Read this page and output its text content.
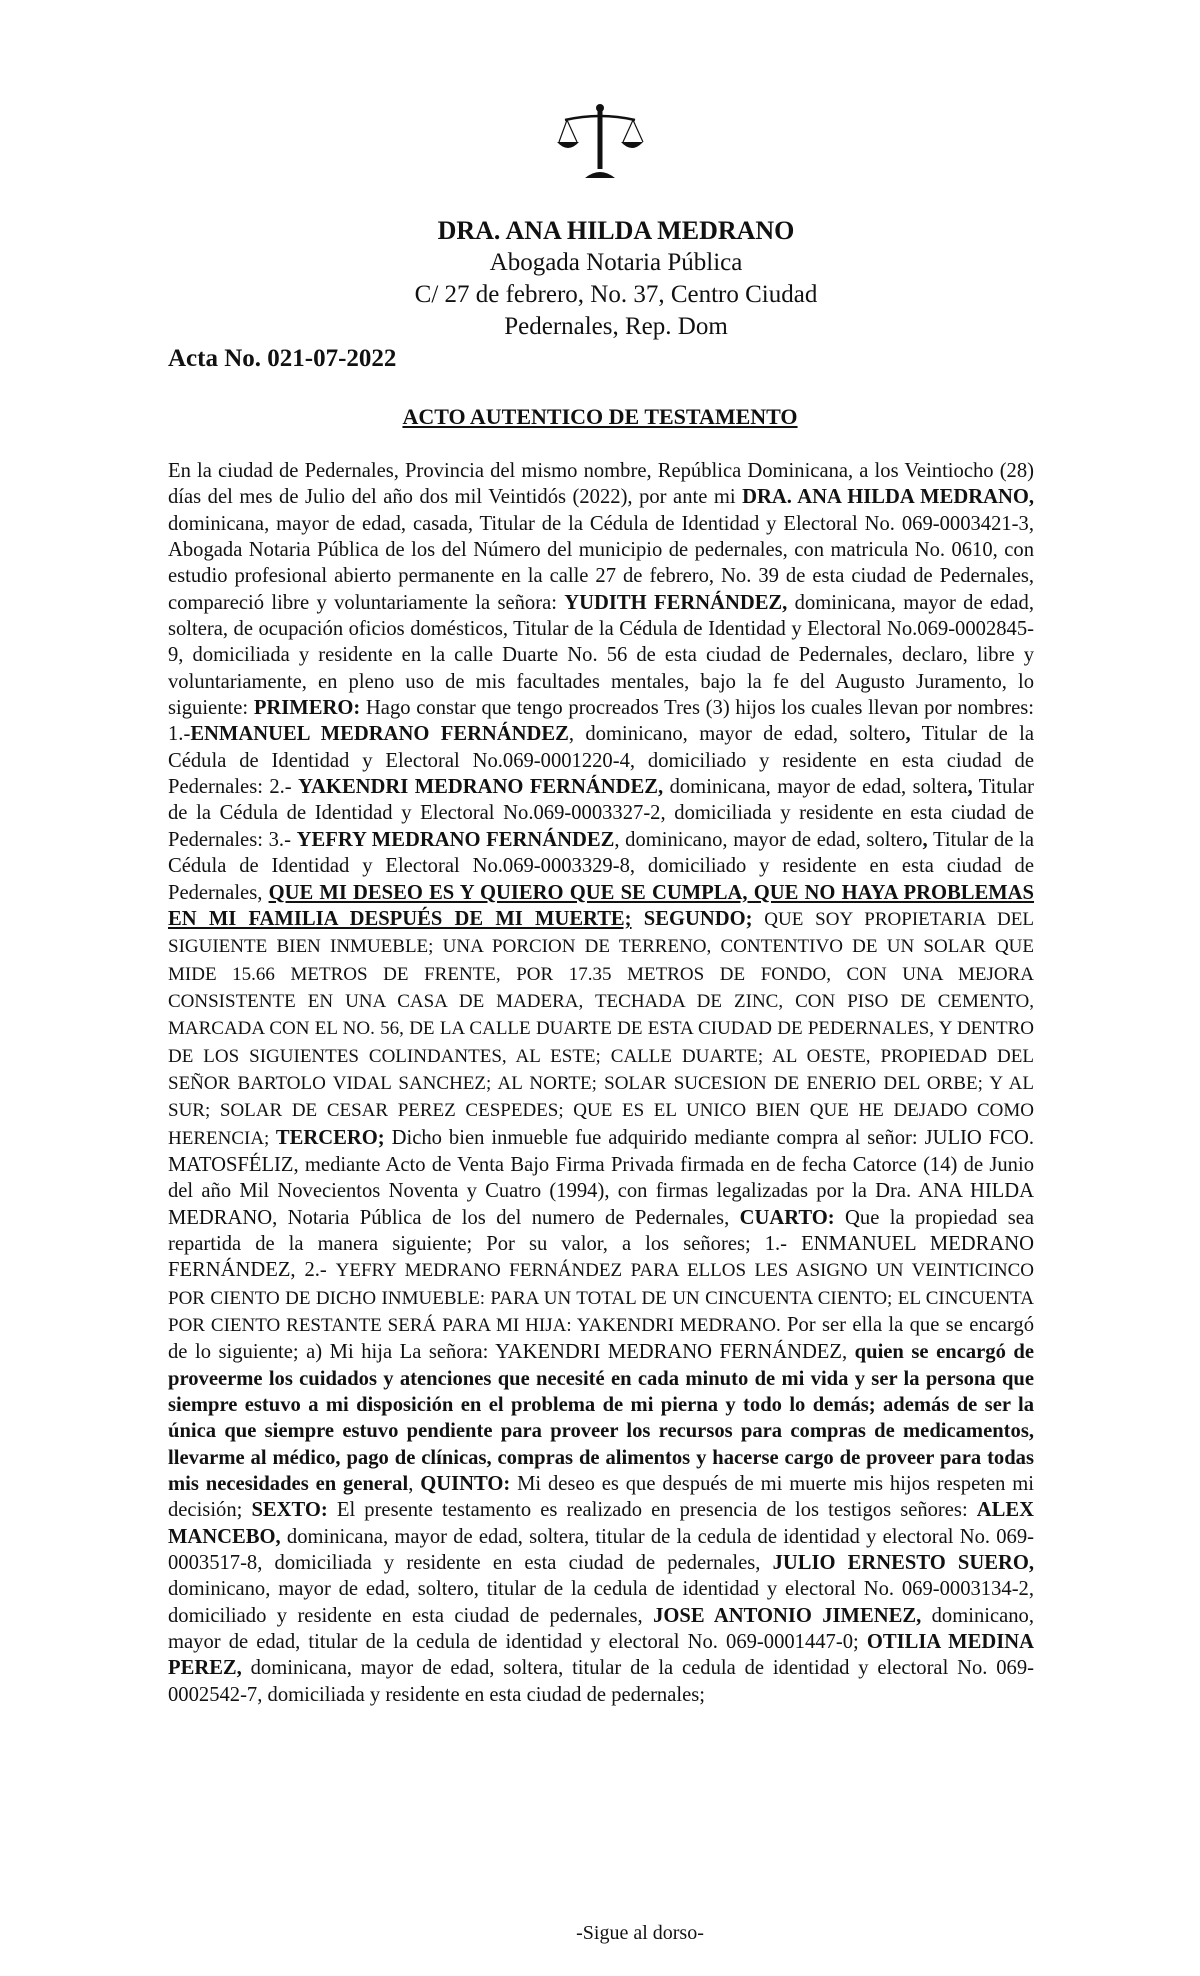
DRA. ANA HILDA MEDRANO
Abogada Notaria Pública
C/ 27 de febrero, No. 37, Centro Ciudad
Pedernales, Rep. Dom
Acta No. 021-07-2022
ACTO AUTENTICO DE TESTAMENTO

En la ciudad de Pedernales, Provincia del mismo nombre, República Dominicana, a los Veintiocho (28) días del mes de Julio del año dos mil Veintidós (2022), por ante mi DRA. ANA HILDA MEDRANO, dominicana, mayor de edad, casada, Titular de la Cédula de Identidad y Electoral No. 069-0003421-3, Abogada Notaria Pública de los del Número del municipio de pedernales, con matricula No. 0610, con estudio profesional abierto permanente en la calle 27 de febrero, No. 39 de esta ciudad de Pedernales, compareció libre y voluntariamente la señora: YUDITH FERNÁNDEZ, dominicana, mayor de edad, soltera, de ocupación oficios domésticos, Titular de la Cédula de Identidad y Electoral No.069-0002845-9, domiciliada y residente en la calle Duarte No. 56 de esta ciudad de Pedernales, declaro, libre y voluntariamente, en pleno uso de mis facultades mentales, bajo la fe del Augusto Juramento, lo siguiente: PRIMERO: Hago constar que tengo procreados Tres (3) hijos los cuales llevan por nombres: 1.-ENMANUEL MEDRANO FERNÁNDEZ, dominicano, mayor de edad, soltero, Titular de la Cédula de Identidad y Electoral No.069-0001220-4, domiciliado y residente en esta ciudad de Pedernales: 2.- YAKENDRI MEDRANO FERNÁNDEZ, dominicana, mayor de edad, soltera, Titular de la Cédula de Identidad y Electoral No.069-0003327-2, domiciliada y residente en esta ciudad de Pedernales: 3.- YEFRY MEDRANO FERNÁNDEZ, dominicano, mayor de edad, soltero, Titular de la Cédula de Identidad y Electoral No.069-0003329-8, domiciliado y residente en esta ciudad de Pedernales, QUE MI DESEO ES Y QUIERO QUE SE CUMPLA, QUE NO HAYA PROBLEMAS EN MI FAMILIA DESPUÉS DE MI MUERTE; SEGUNDO; QUE SOY PROPIETARIA DEL SIGUIENTE BIEN INMUEBLE; UNA PORCION DE TERRENO, CONTENTIVO DE UN SOLAR QUE MIDE 15.66 METROS DE FRENTE, POR 17.35 METROS DE FONDO, CON UNA MEJORA CONSISTENTE EN UNA CASA DE MADERA, TECHADA DE ZINC, CON PISO DE CEMENTO, MARCADA CON EL NO. 56, DE LA CALLE DUARTE DE ESTA CIUDAD DE PEDERNALES, Y DENTRO DE LOS SIGUIENTES COLINDANTES, AL ESTE; CALLE DUARTE; AL OESTE, PROPIEDAD DEL SEÑOR BARTOLO VIDAL SANCHEZ; AL NORTE; SOLAR SUCESION DE ENERIO DEL ORBE; Y AL SUR; SOLAR DE CESAR PEREZ CESPEDES; QUE ES EL UNICO BIEN QUE HE DEJADO COMO HERENCIA; TERCERO; Dicho bien inmueble fue adquirido mediante compra al señor: JULIO FCO. MATOSFÉLIZ, mediante Acto de Venta Bajo Firma Privada firmada en de fecha Catorce (14) de Junio del año Mil Novecientos Noventa y Cuatro (1994), con firmas legalizadas por la Dra. ANA HILDA MEDRANO, Notaria Pública de los del numero de Pedernales, CUARTO: Que la propiedad sea repartida de la manera siguiente; Por su valor, a los señores; 1.- ENMANUEL MEDRANO FERNÁNDEZ, 2.- YEFRY MEDRANO FERNÁNDEZ PARA ELLOS LES ASIGNO UN VEINTICINCO POR CIENTO DE DICHO INMUEBLE: PARA UN TOTAL DE UN CINCUENTA CIENTO; EL CINCUENTA POR CIENTO RESTANTE SERÁ PARA MI HIJA: YAKENDRI MEDRANO. Por ser ella la que se encargó de lo siguiente; a) Mi hija La señora: YAKENDRI MEDRANO FERNÁNDEZ, quien se encargó de proveerme los cuidados y atenciones que necesité en cada minuto de mi vida y ser la persona que siempre estuvo a mi disposición en el problema de mi pierna y todo lo demás; además de ser la única que siempre estuvo pendiente para proveer los recursos para compras de medicamentos, llevarme al médico, pago de clínicas, compras de alimentos y hacerse cargo de proveer para todas mis necesidades en general, QUINTO: Mi deseo es que después de mi muerte mis hijos respeten mi decisión; SEXTO: El presente testamento es realizado en presencia de los testigos señores: ALEX MANCEBO, dominicana, mayor de edad, soltera, titular de la cedula de identidad y electoral No. 069-0003517-8, domiciliada y residente en esta ciudad de pedernales, JULIO ERNESTO SUERO, dominicano, mayor de edad, soltero, titular de la cedula de identidad y electoral No. 069-0003134-2, domiciliado y residente en esta ciudad de pedernales, JOSE ANTONIO JIMENEZ, dominicano, mayor de edad, titular de la cedula de identidad y electoral No. 069-0001447-0; OTILIA MEDINA PEREZ, dominicana, mayor de edad, soltera, titular de la cedula de identidad y electoral No. 069-0002542-7, domiciliada y residente en esta ciudad de pedernales;

-Sigue al dorso-
